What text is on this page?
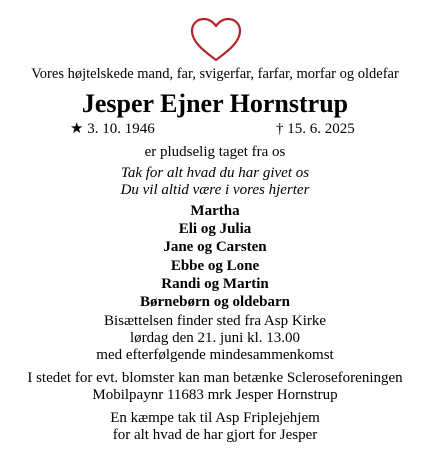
Vores højtelskede mand, far, svigerfar, farfar, morfar og oldefar
Jesper Ejner Hornstrup
★ 3. 10. 1946	† 15. 6. 2025
er pludselig taget fra os
Tak for alt hvad du har givet os
Du vil altid være i vores hjerter
Martha
Eli og Julia
Jane og Carsten
Ebbe og Lone
Randi og Martin
Børnebørn og oldebarn
Bisættelsen finder sted fra Asp Kirke
lørdag den 21. juni kl. 13.00
med efterfølgende mindesammenkomst
I stedet for evt. blomster kan man betænke Scleroseforeningen
Mobilpaynr 11683 mrk Jesper Hornstrup
En kæmpe tak til Asp Friplejehjem
for alt hvad de har gjort for Jesper
